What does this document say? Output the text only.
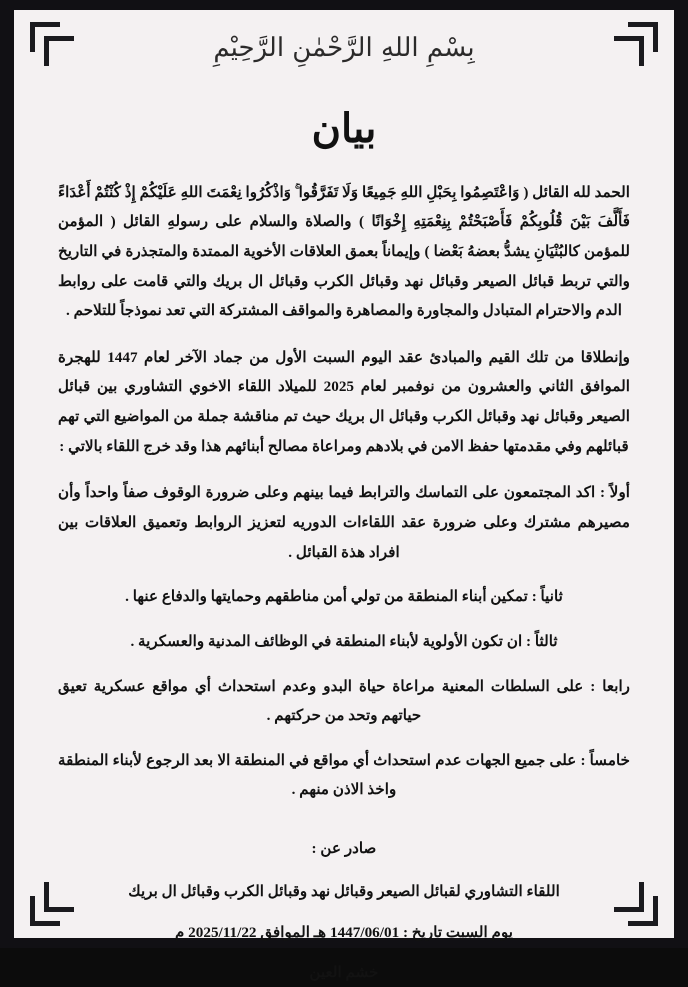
بِسْمِ اللهِ الرَّحْمٰنِ الرَّحِيْمِ
بيان

الحمد لله القائل ( وَاعْتَصِمُوا بِحَبْلِ اللهِ جَمِيعًا وَلَا تَفَرَّقُوا ۚ وَاذْكُرُوا نِعْمَتَ اللهِ عَلَيْكُمْ إِذْ كُنْتُمْ أَعْدَاءً فَأَلَّفَ بَيْنَ قُلُوبِكُمْ فَأَصْبَحْتُمْ بِنِعْمَتِهِ إِخْوَانًا ) والصلاة والسلام على رسولهِ القائل ( المؤمن للمؤمن كالبُنْيَانِ يشدُّ بعضهُ بَعْضا ) وإيماناً بعمق العلاقات الأخوية الممتدة والمتجذرة في التاريخ والتي تربط قبائل الصيعر وقبائل نهد وقبائل الكرب وقبائل ال بريك والتي قامت على روابط الدم والاحترام المتبادل والمجاورة والمصاهرة والمواقف المشتركة التي تعد نموذجاً للتلاحم .

وإنطلاقا من تلك القيم والمبادئ عقد اليوم السبت الأول من جماد الآخر لعام 1447 للهجرة الموافق الثاني والعشرون من نوفمبر لعام 2025 للميلاد اللقاء الاخوي التشاوري بين قبائل الصيعر وقبائل نهد وقبائل الكرب وقبائل ال بريك حيث تم مناقشة جملة من المواضيع التي تهم قبائلهم وفي مقدمتها حفظ الامن في بلادهم ومراعاة مصالح أبنائهم هذا وقد خرج اللقاء بالاتي :

أولاً : اكد المجتمعون على التماسك والترابط فيما بينهم وعلى ضرورة الوقوف صفاً واحداً وأن مصيرهم مشترك وعلى ضرورة عقد اللقاءات الدوريه لتعزيز الروابط وتعميق العلاقات بين افراد هذة القبائل .

ثانياً : تمكين أبناء المنطقة من تولي أمن مناطقهم وحمايتها والدفاع عنها .

ثالثاً : ان تكون الأولوية لأبناء المنطقة في الوظائف المدنية والعسكرية .

رابعا : على السلطات المعنية مراعاة حياة البدو وعدم استحداث أي مواقع عسكرية تعيق حياتهم وتحد من حركتهم .

خامساً : على جميع الجهات عدم استحداث أي مواقع في المنطقة الا بعد الرجوع لأبناء المنطقة واخذ الاذن منهم .

صادر عن :

اللقاء التشاوري لقبائل الصيعر وقبائل نهد وقبائل الكرب وقبائل ال بريك

يوم السبت تاريخ : 1447/06/01 هـ الموافق 2025/11/22 م

خشم العين
